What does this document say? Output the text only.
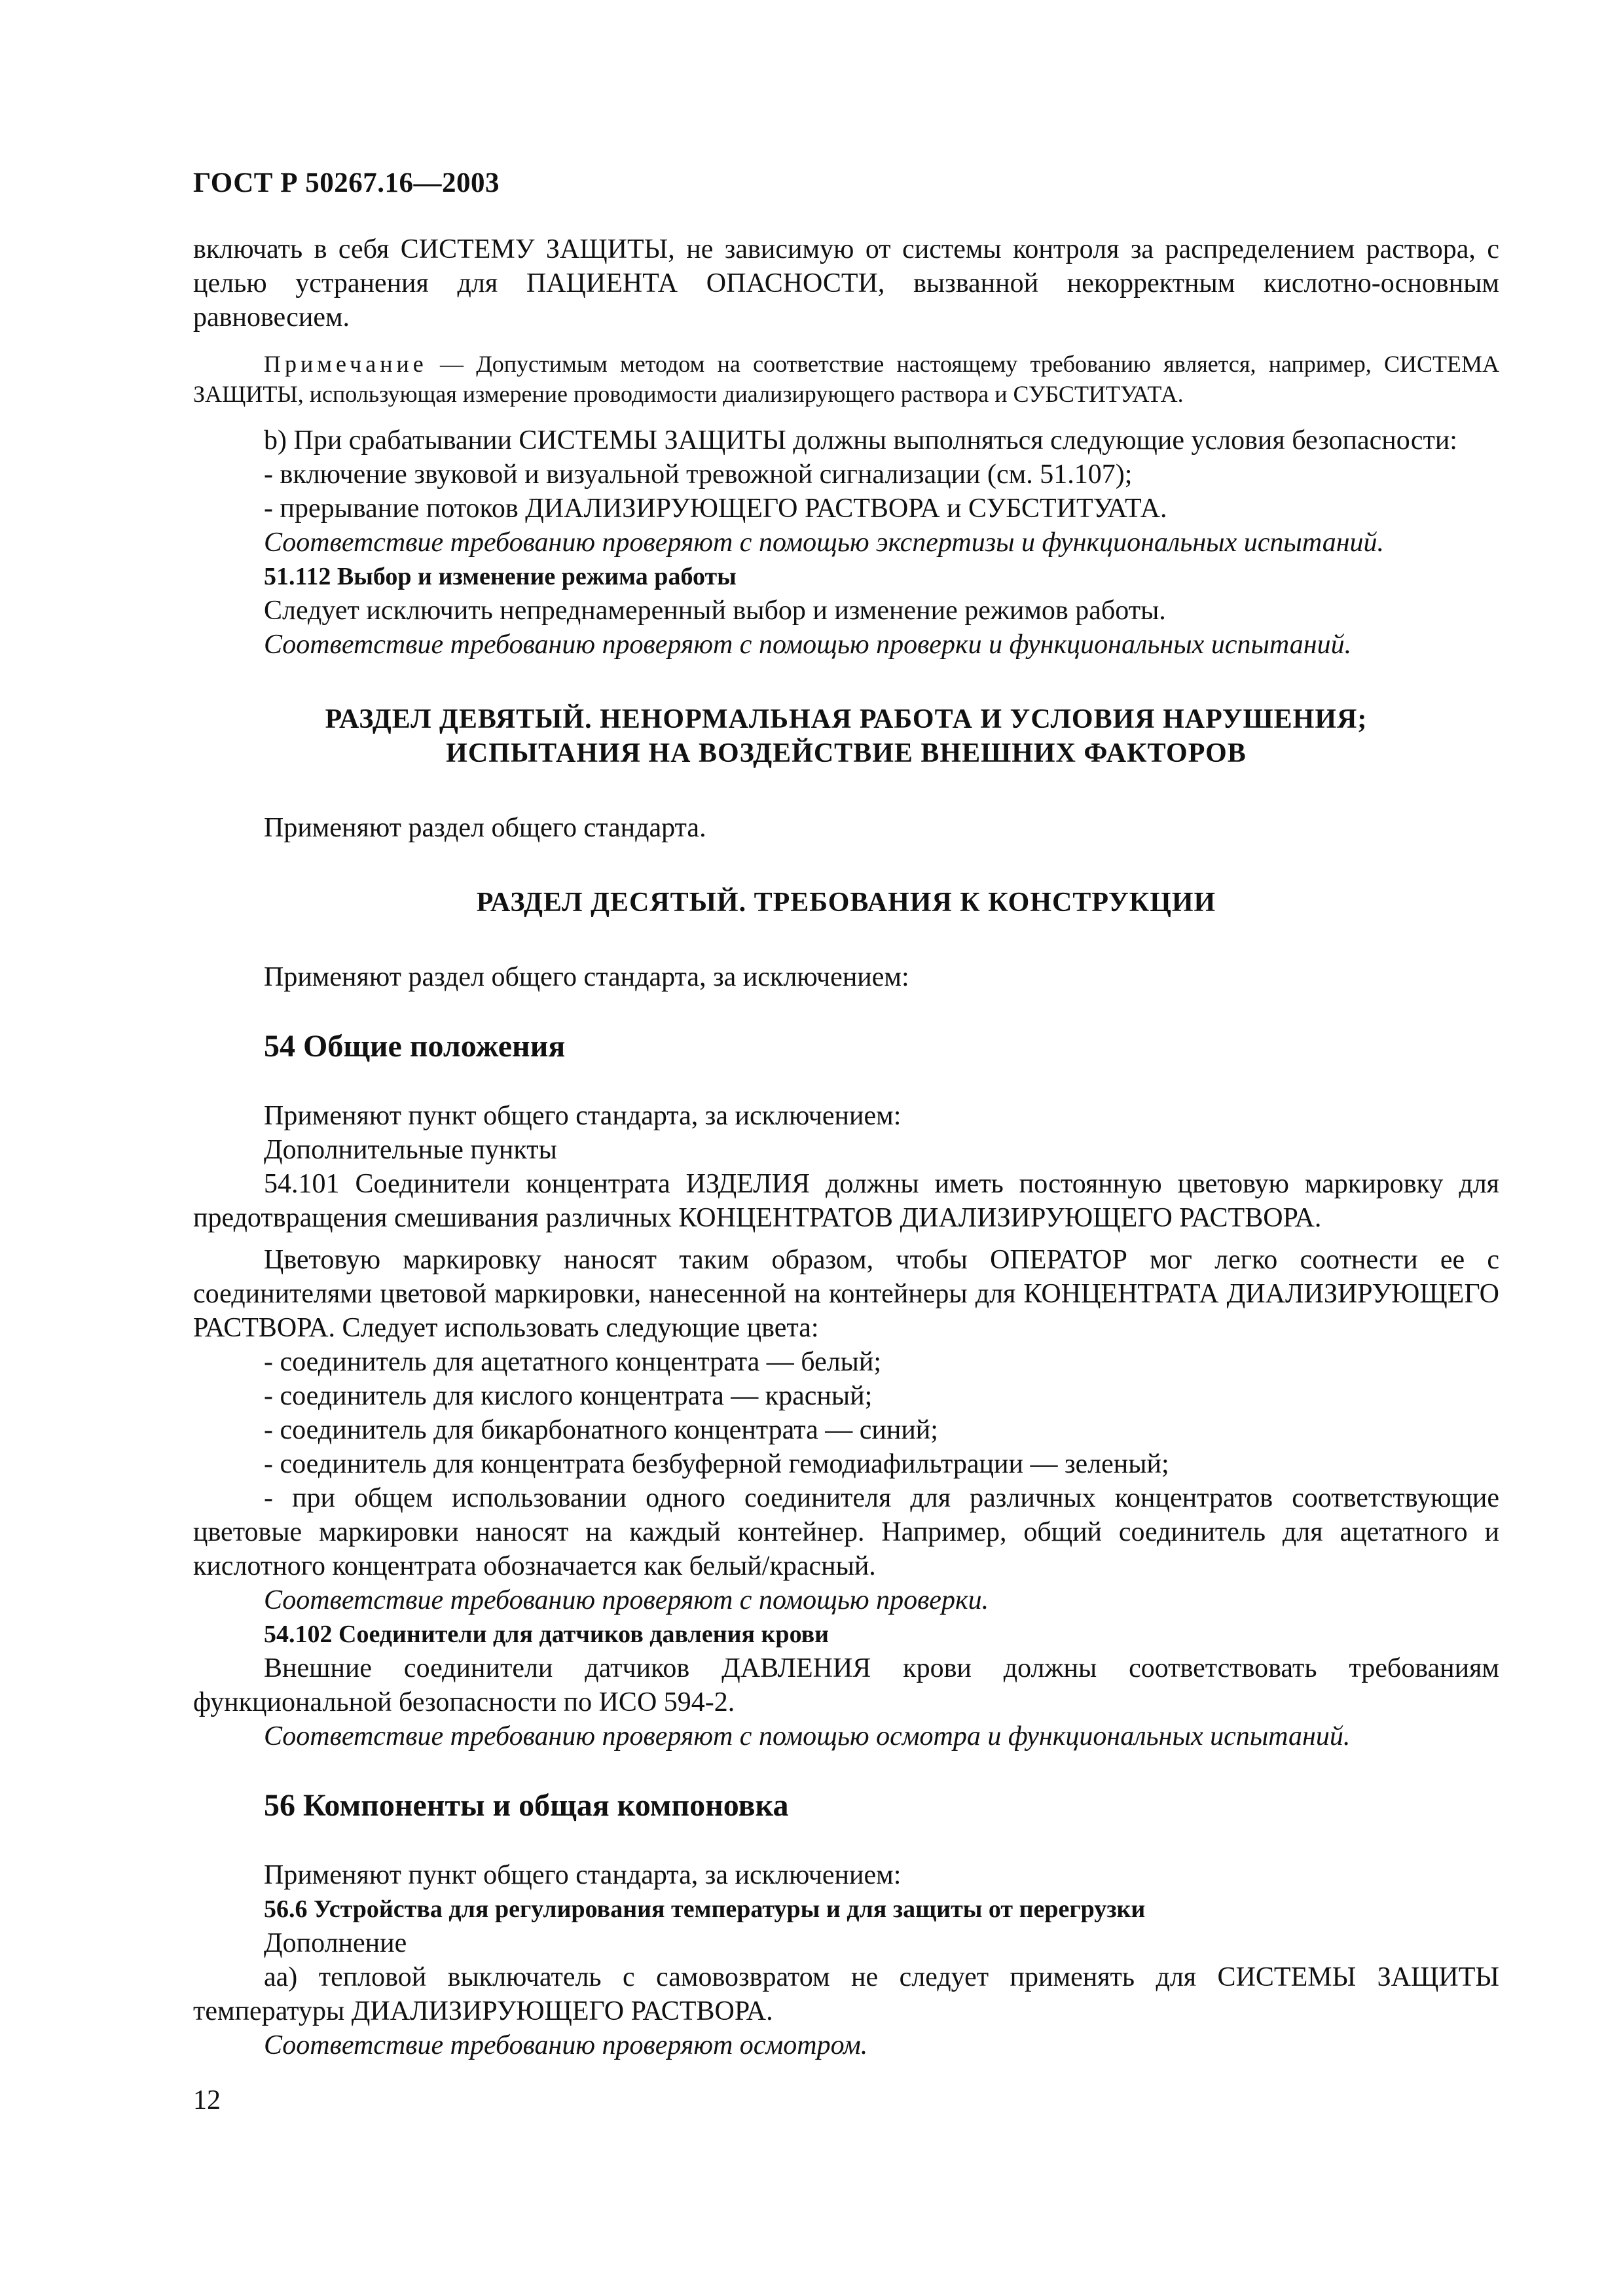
ГОСТ Р 50267.16—2003

включать в себя СИСТЕМУ ЗАЩИТЫ, не зависимую от системы контроля за распределением раствора, с целью устранения для ПАЦИЕНТА ОПАСНОСТИ, вызванной некорректным кислотно-основным равновесием.

Примечание — Допустимым методом на соответствие настоящему требованию является, например, СИСТЕМА ЗАЩИТЫ, использующая измерение проводимости диализирующего раствора и СУБСТИТУАТА.

b) При срабатывании СИСТЕМЫ ЗАЩИТЫ должны выполняться следующие условия безопасности:

- включение звуковой и визуальной тревожной сигнализации (см. 51.107);

- прерывание потоков ДИАЛИЗИРУЮЩЕГО РАСТВОРА и СУБСТИТУАТА.

Соответствие требованию проверяют с помощью экспертизы и функциональных испытаний.

51.112 Выбор и изменение режима работы

Следует исключить непреднамеренный выбор и изменение режимов работы.

Соответствие требованию проверяют с помощью проверки и функциональных испытаний.

РАЗДЕЛ ДЕВЯТЫЙ. НЕНОРМАЛЬНАЯ РАБОТА И УСЛОВИЯ НАРУШЕНИЯ;

ИСПЫТАНИЯ НА ВОЗДЕЙСТВИЕ ВНЕШНИХ ФАКТОРОВ

Применяют раздел общего стандарта.

РАЗДЕЛ ДЕСЯТЫЙ. ТРЕБОВАНИЯ К КОНСТРУКЦИИ

Применяют раздел общего стандарта, за исключением:

54 Общие положения

Применяют пункт общего стандарта, за исключением:

Дополнительные пункты

54.101 Соединители концентрата ИЗДЕЛИЯ должны иметь постоянную цветовую маркировку для предотвращения смешивания различных КОНЦЕНТРАТОВ ДИАЛИЗИРУЮЩЕГО РАСТВОРА.

Цветовую маркировку наносят таким образом, чтобы ОПЕРАТОР мог легко соотнести ее с соединителями цветовой маркировки, нанесенной на контейнеры для КОНЦЕНТРАТА ДИАЛИЗИРУЮЩЕГО РАСТВОРА. Следует использовать следующие цвета:

- соединитель для ацетатного концентрата — белый;

- соединитель для кислого концентрата — красный;

- соединитель для бикарбонатного концентрата — синий;

- соединитель для концентрата безбуферной гемодиафильтрации — зеленый;

- при общем использовании одного соединителя для различных концентратов соответствующие цветовые маркировки наносят на каждый контейнер. Например, общий соединитель для ацетатного и кислотного концентрата обозначается как белый/красный.

Соответствие требованию проверяют с помощью проверки.

54.102 Соединители для датчиков давления крови

Внешние соединители датчиков ДАВЛЕНИЯ крови должны соответствовать требованиям функциональной безопасности по ИСО 594-2.

Соответствие требованию проверяют с помощью осмотра и функциональных испытаний.

56 Компоненты и общая компоновка

Применяют пункт общего стандарта, за исключением:

56.6 Устройства для регулирования температуры и для защиты от перегрузки

Дополнение

аа) тепловой выключатель с самовозвратом не следует применять для СИСТЕМЫ ЗАЩИТЫ температуры ДИАЛИЗИРУЮЩЕГО РАСТВОРА.

Соответствие требованию проверяют осмотром.

12
